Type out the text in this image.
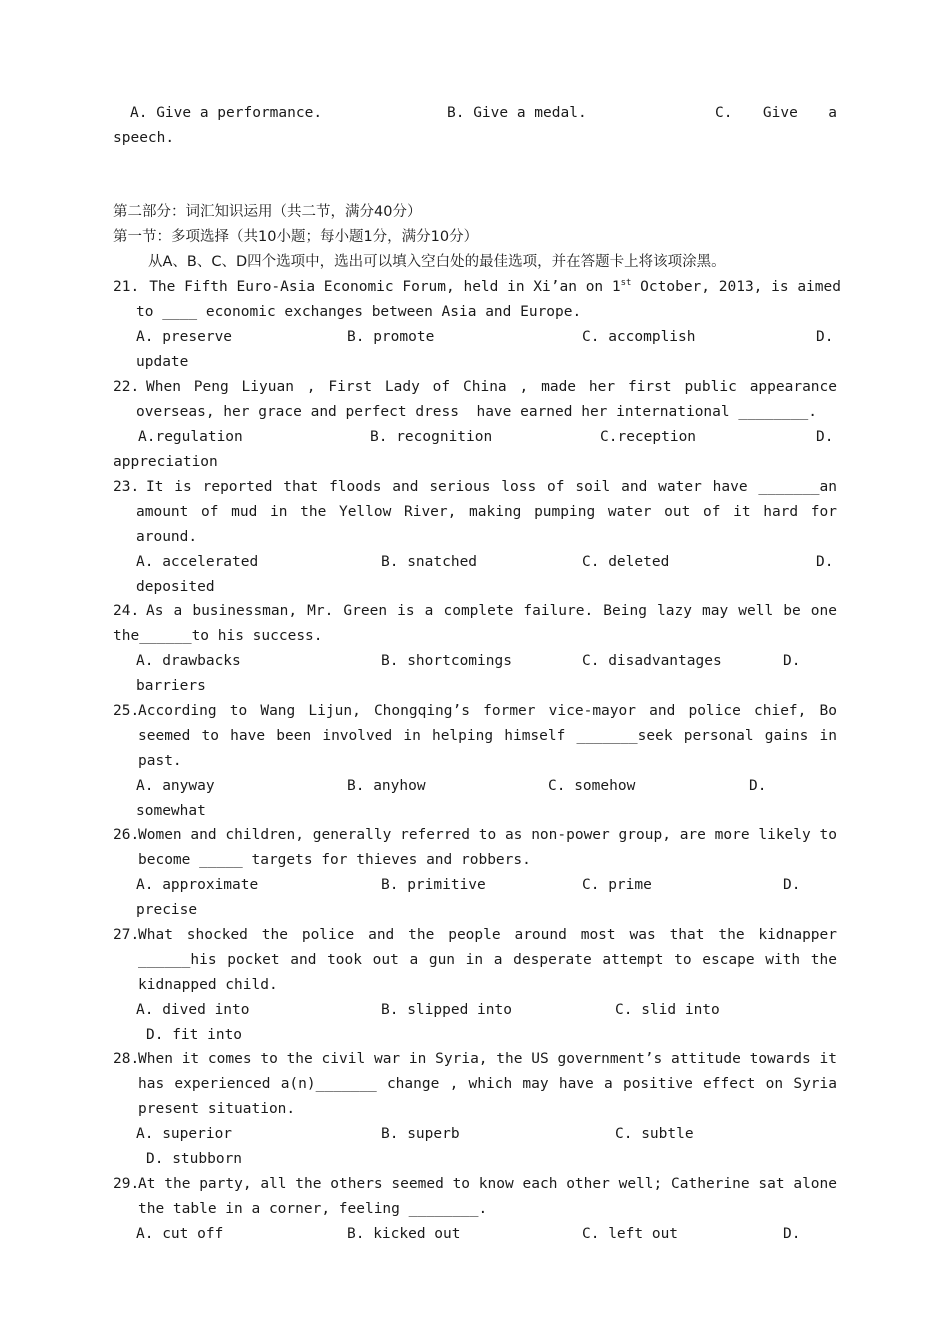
A. Give a performance.	B. Give a medal.	C. Give a
speech.
第二部分：词汇知识运用（共二节，满分40分）
第一节：多项选择（共10小题；每小题1分，满分10分）
从A、B、C、D四个选项中，选出可以填入空白处的最佳选项，并在答题卡上将该项涂黑。
21. The Fifth Euro-Asia Economic Forum, held in Xi’an on 1st October, 2013, is aimed
to ____ economic exchanges between Asia and Europe.
A. preserve	B. promote	C. accomplish	D.
update
22. When Peng Liyuan , First Lady of China , made her first public appearance
overseas, her grace and perfect dress  have earned her international ________.
A.regulation	B. recognition	C.reception	D.
appreciation
23. It is reported that floods and serious loss of soil and water have _______an
amount of mud in the Yellow River, making pumping water out of it hard for
around.
A. accelerated	B. snatched	C. deleted	D.
deposited
24. As a businessman, Mr. Green is a complete failure. Being lazy may well be one
the______to his success.
A. drawbacks	B. shortcomings	C. disadvantages	D.
barriers
25.
According to Wang Lijun, Chongqing’s former vice-mayor and police chief, Bo
seemed to have been involved in helping himself _______seek personal gains in
past.
A. anyway	B. anyhow	C. somehow	D.
somewhat
26.
Women and children, generally referred to as non-power group, are more likely to
become _____ targets for thieves and robbers.
A. approximate	B. primitive	C. prime	D.
precise
27.
What shocked the police and the people around most was that the kidnapper
______his pocket and took out a gun in a desperate attempt to escape with the
kidnapped child.
A. dived into	B. slipped into	C. slid into
D. fit into
28.
When it comes to the civil war in Syria, the US government’s attitude towards it
has experienced a(n)_______ change , which may have a positive effect on Syria
present situation.
A. superior	B. superb	C. subtle
D. stubborn
29.
At the party, all the others seemed to know each other well; Catherine sat alone
the table in a corner, feeling ________.
A. cut off	B. kicked out	C. left out	D.
